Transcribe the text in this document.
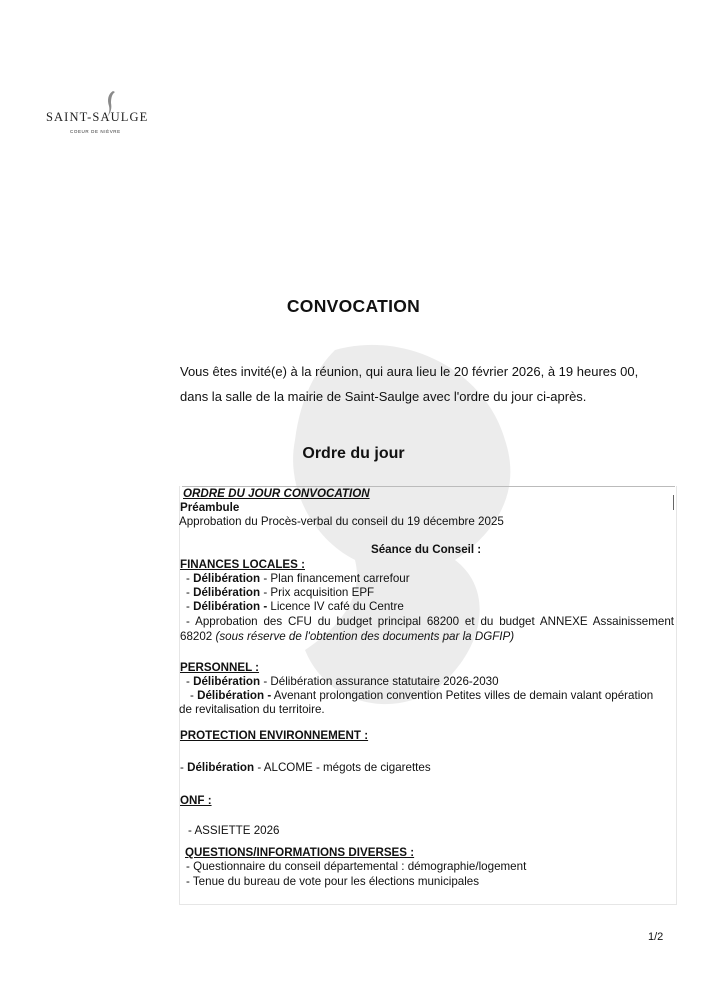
SAINT-SAULGE
COEUR DE NIÈVRE
CONVOCATION
Vous êtes invité(e) à la réunion, qui aura lieu le 20 février 2026, à 19 heures 00,
dans la salle de la mairie de Saint-Saulge avec l'ordre du jour ci-après.
Ordre du jour
ORDRE DU JOUR CONVOCATION
Préambule
Approbation du Procès-verbal du conseil du 19 décembre 2025
Séance du Conseil :
FINANCES LOCALES :
- Délibération - Plan financement carrefour
- Délibération - Prix acquisition EPF
- Délibération - Licence IV café du Centre
- Approbation des CFU du budget principal 68200 et du budget ANNEXE Assainissement
68202 (sous réserve de l'obtention des documents par la DGFIP)
PERSONNEL :
- Délibération - Délibération assurance statutaire 2026-2030
- Délibération - Avenant prolongation convention Petites villes de demain valant opération
de revitalisation du territoire.
PROTECTION ENVIRONNEMENT :
- Délibération - ALCOME - mégots de cigarettes
ONF :
- ASSIETTE 2026
QUESTIONS/INFORMATIONS DIVERSES :
- Questionnaire du conseil départemental : démographie/logement
- Tenue du bureau de vote pour les élections municipales
1/2
